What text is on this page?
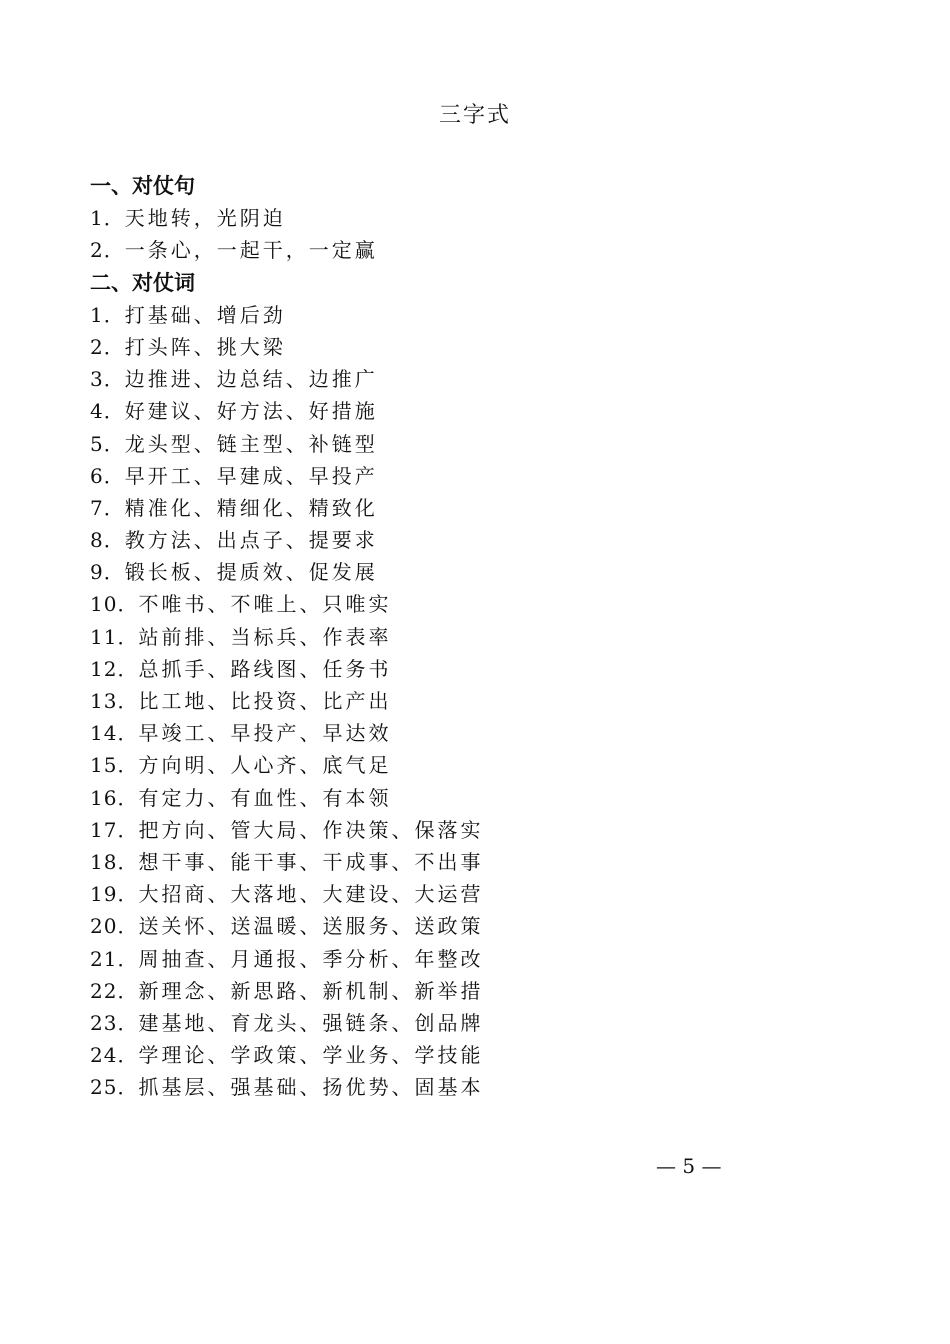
三字式
一、对仗句
1．天地转，光阴迫
2．一条心，一起干，一定赢
二、对仗词
1．打基础、增后劲
2．打头阵、挑大梁
3．边推进、边总结、边推广
4．好建议、好方法、好措施
5．龙头型、链主型、补链型
6．早开工、早建成、早投产
7．精准化、精细化、精致化
8．教方法、出点子、提要求
9．锻长板、提质效、促发展
10．不唯书、不唯上、只唯实
11．站前排、当标兵、作表率
12．总抓手、路线图、任务书
13．比工地、比投资、比产出
14．早竣工、早投产、早达效
15．方向明、人心齐、底气足
16．有定力、有血性、有本领
17．把方向、管大局、作决策、保落实
18．想干事、能干事、干成事、不出事
19．大招商、大落地、大建设、大运营
20．送关怀、送温暖、送服务、送政策
21．周抽查、月通报、季分析、年整改
22．新理念、新思路、新机制、新举措
23．建基地、育龙头、强链条、创品牌
24．学理论、学政策、学业务、学技能
25．抓基层、强基础、扬优势、固基本
— 5 —
